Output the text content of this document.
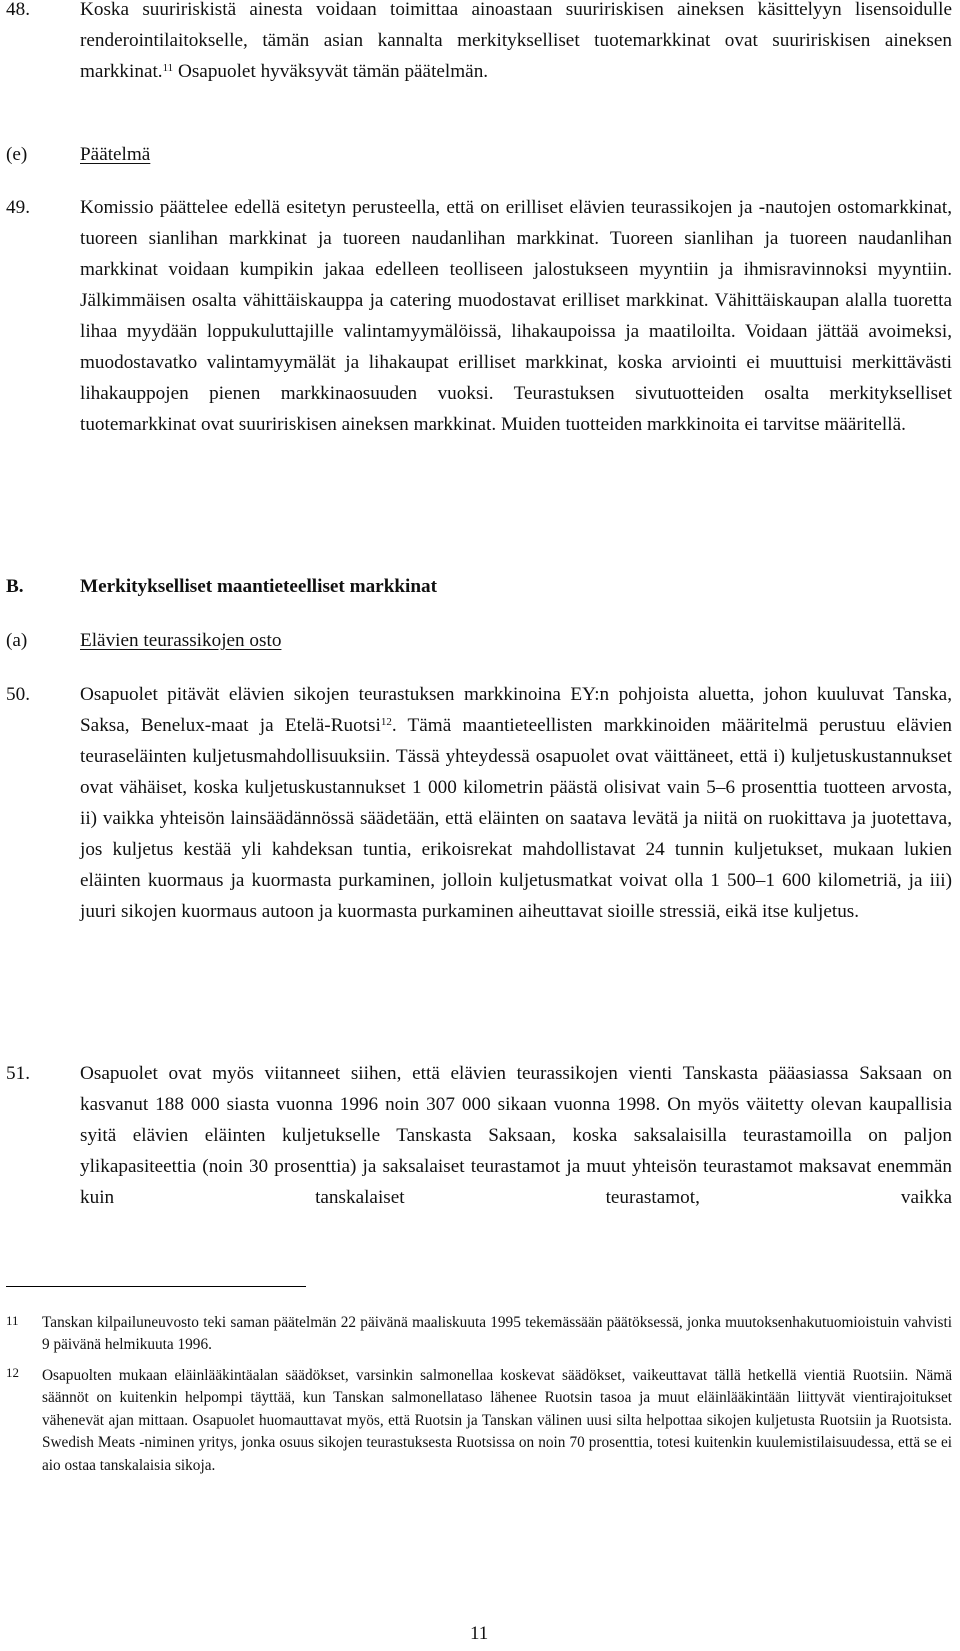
48.	Koska suuririskistä ainesta voidaan toimittaa ainoastaan suuririskisen aineksen käsittelyyn lisensoidulle renderointilaitokselle, tämän asian kannalta merkitykselliset tuotemarkkinat ovat suuririskisen aineksen markkinat.$^{11}$ Osapuolet hyväksyvät tämän päätelmän.
(e)	Päätelmä
49.	Komissio päättelee edellä esitetyn perusteella, että on erilliset elävien teurassikojen ja -nautojen ostomarkkinat, tuoreen sianlihan markkinat ja tuoreen naudanlihan markkinat. Tuoreen sianlihan ja tuoreen naudanlihan markkinat voidaan kumpikin jakaa edelleen teolliseen jalostukseen myyntiin ja ihmisravinnoksi myyntiin. Jälkimmäisen osalta vähittäiskauppa ja catering muodostavat erilliset markkinat. Vähittäiskaupan alalla tuoretta lihaa myydään loppukuluttajille valintamyymälöissä, lihakaupoissa ja maatiloilta. Voidaan jättää avoimeksi, muodostavatko valintamyymälät ja lihakaupat erilliset markkinat, koska arviointi ei muuttuisi merkittävästi lihakauppojen pienen markkinaosuuden vuoksi. Teurastuksen sivutuotteiden osalta merkitykselliset tuotemarkkinat ovat suuririskisen aineksen markkinat. Muiden tuotteiden markkinoita ei tarvitse määritellä.
B.	Merkitykselliset maantieteelliset markkinat
(a)	Elävien teurassikojen osto
50.	Osapuolet pitävät elävien sikojen teurastuksen markkinoina EY:n pohjoista aluetta, johon kuuluvat Tanska, Saksa, Benelux-maat ja Etelä-Ruotsi$^{12}$. Tämä maantieteellisten markkinoiden määritelmä perustuu elävien teuraseläinten kuljetusmahdollisuuksiin. Tässä yhteydessä osapuolet ovat väittäneet, että i) kuljetuskustannukset ovat vähäiset, koska kuljetuskustannukset 1 000 kilometrin päästä olisivat vain 5–6 prosenttia tuotteen arvosta, ii) vaikka yhteisön lainsäädännössä säädetään, että eläinten on saatava levätä ja niitä on ruokittava ja juotettava, jos kuljetus kestää yli kahdeksan tuntia, erikoisrekat mahdollistavat 24 tunnin kuljetukset, mukaan lukien eläinten kuormaus ja kuormasta purkaminen, jolloin kuljetusmatkat voivat olla 1 500–1 600 kilometriä, ja iii) juuri sikojen kuormaus autoon ja kuormasta purkaminen aiheuttavat sioille stressiä, eikä itse kuljetus.
51.	Osapuolet ovat myös viitanneet siihen, että elävien teurassikojen vienti Tanskasta pääasiassa Saksaan on kasvanut 188 000 siasta vuonna 1996 noin 307 000 sikaan vuonna 1998. On myös väitetty olevan kaupallisia syitä elävien eläinten kuljetukselle Tanskasta Saksaan, koska saksalaisilla teurastamoilla on paljon ylikapasiteettia (noin 30 prosenttia) ja saksalaiset teurastamot ja muut yhteisön teurastamot maksavat enemmän kuin tanskalaiset teurastamot, vaikka
11 Tanskan kilpailuneuvosto teki saman päätelmän 22 päivänä maaliskuuta 1995 tekemässään päätöksessä, jonka muutoksenhakutuomioistuin vahvisti 9 päivänä helmikuuta 1996.
12 Osapuolten mukaan eläinlääkintäalan säädökset, varsinkin salmonellaa koskevat säädökset, vaikeuttavat tällä hetkellä vientiä Ruotsiin. Nämä säännöt on kuitenkin helpompi täyttää, kun Tanskan salmonellataso lähenee Ruotsin tasoa ja muut eläinlääkintään liittyvät vientirajoitukset vähenevät ajan mittaan. Osapuolet huomauttavat myös, että Ruotsin ja Tanskan välinen uusi silta helpottaa sikojen kuljetusta Ruotsiin ja Ruotsista. Swedish Meats -niminen yritys, jonka osuus sikojen teurastuksesta Ruotsissa on noin 70 prosenttia, totesi kuitenkin kuulemistilaisuudessa, että se ei aio ostaa tanskalaisia sikoja.
11
